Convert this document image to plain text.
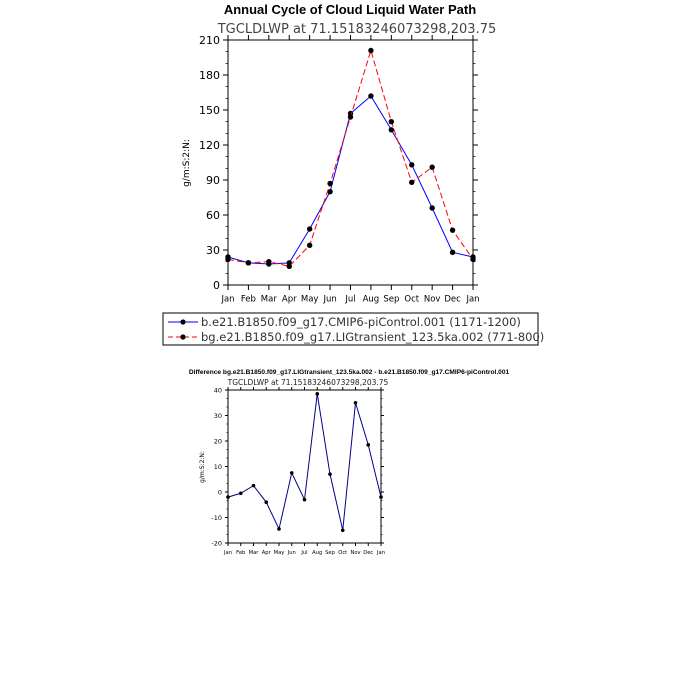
Annual Cycle of Cloud Liquid Water Path
TGCLDLWP at 71.15183246073298,203.75
g/m:S:2:N:
0
30
60
90
120
150
180
210
Jan Feb Mar Apr May Jun Jul Aug Sep Oct Nov Dec Jan
b.e21.B1850.f09_g17.CMIP6-piControl.001 (1171-1200)
bg.e21.B1850.f09_g17.LIGtransient_123.5ka.002 (771-800)
Difference bg.e21.B1850.f09_g17.LIGtransient_123.5ka.002 - b.e21.B1850.f09_g17.CMIP6-piControl.001
TGCLDLWP at 71.15183246073298,203.75
g/m:S:2:N:
-20
-10
0
10
20
30
40
Jan Feb Mar Apr May Jun Jul Aug Sep Oct Nov Dec Jan
